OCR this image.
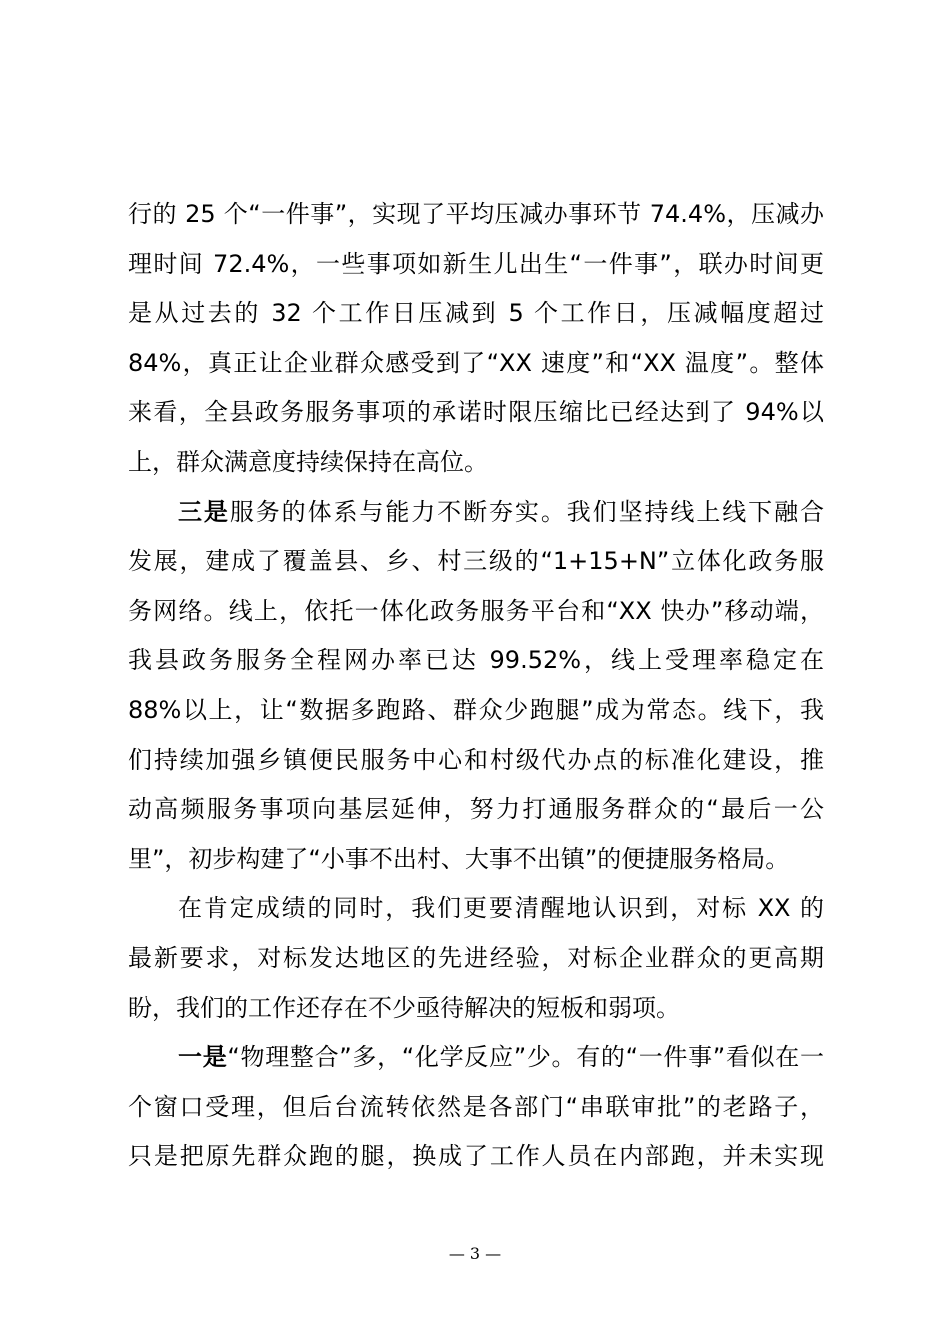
行的 25 个“一件事”，实现了平均压减办事环节 74.4%，压减办
理时间 72.4%，一些事项如新生儿出生“一件事”，联办时间更
是从过去的 32 个工作日压减到 5 个工作日，压减幅度超过
84%，真正让企业群众感受到了“XX 速度”和“XX 温度”。整体
来看，全县政务服务事项的承诺时限压缩比已经达到了 94%以
上，群众满意度持续保持在高位。
三是服务的体系与能力不断夯实。我们坚持线上线下融合
发展，建成了覆盖县、乡、村三级的“1+15+N”立体化政务服
务网络。线上，依托一体化政务服务平台和“XX 快办”移动端，
我县政务服务全程网办率已达 99.52%，线上受理率稳定在
88%以上，让“数据多跑路、群众少跑腿”成为常态。线下，我
们持续加强乡镇便民服务中心和村级代办点的标准化建设，推
动高频服务事项向基层延伸，努力打通服务群众的“最后一公
里”，初步构建了“小事不出村、大事不出镇”的便捷服务格局。
在肯定成绩的同时，我们更要清醒地认识到，对标 XX 的
最新要求，对标发达地区的先进经验，对标企业群众的更高期
盼，我们的工作还存在不少亟待解决的短板和弱项。
一是“物理整合”多，“化学反应”少。有的“一件事”看似在一
个窗口受理，但后台流转依然是各部门“串联审批”的老路子，
只是把原先群众跑的腿，换成了工作人员在内部跑，并未实现
— 3 —
